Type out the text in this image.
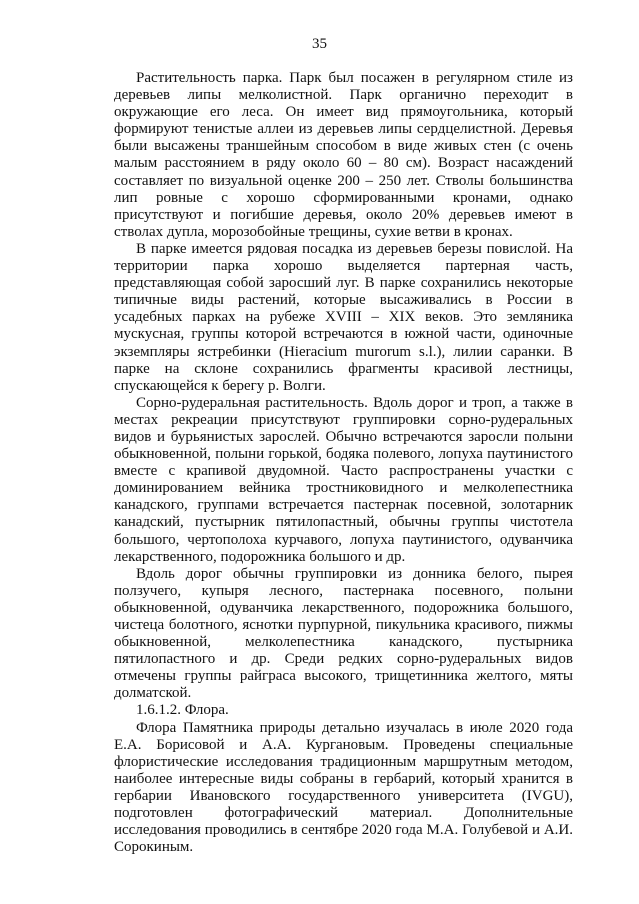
35

Растительность парка. Парк был посажен в регулярном стиле из деревьев липы мелколистной. Парк органично переходит в окружающие его леса. Он имеет вид прямоугольника, который формируют тенистые аллеи из деревьев липы сердцелистной. Деревья были высажены траншейным способом в виде живых стен (с очень малым расстоянием в ряду около 60 – 80 см). Возраст насаждений составляет по визуальной оценке 200 – 250 лет. Стволы большинства лип ровные с хорошо сформированными кронами, однако присутствуют и погибшие деревья, около 20% деревьев имеют в стволах дупла, морозобойные трещины, сухие ветви в кронах.

В парке имеется рядовая посадка из деревьев березы повислой. На территории парка хорошо выделяется партерная часть, представляющая собой заросший луг. В парке сохранились некоторые типичные виды растений, которые высаживались в России в усадебных парках на рубеже XVIII – XIX веков. Это земляника мускусная, группы которой встречаются в южной части, одиночные экземпляры ястребинки (Hieracium murorum s.l.), лилии саранки. В парке на склоне сохранились фрагменты красивой лестницы, спускающейся к берегу р. Волги.

Сорно-рудеральная растительность. Вдоль дорог и троп, а также в местах рекреации присутствуют группировки сорно-рудеральных видов и бурьянистых зарослей. Обычно встречаются заросли полыни обыкновенной, полыни горькой, бодяка полевого, лопуха паутинистого вместе с крапивой двудомной. Часто распространены участки с доминированием вейника тростниковидного и мелколепестника канадского, группами встречается пастернак посевной, золотарник канадский, пустырник пятилопастный, обычны группы чистотела большого, чертополоха курчавого, лопуха паутинистого, одуванчика лекарственного, подорожника большого и др.

Вдоль дорог обычны группировки из донника белого, пырея ползучего, купыря лесного, пастернака посевного, полыни обыкновенной, одуванчика лекарственного, подорожника большого, чистеца болотного, яснотки пурпурной, пикульника красивого, пижмы обыкновенной, мелколепестника канадского, пустырника пятилопастного и др. Среди редких сорно-рудеральных видов отмечены группы райграса высокого, трищетинника желтого, мяты долматской.

1.6.1.2. Флора.

Флора Памятника природы детально изучалась в июле 2020 года Е.А. Борисовой и А.А. Кургановым. Проведены специальные флористические исследования традиционным маршрутным методом, наиболее интересные виды собраны в гербарий, который хранится в гербарии Ивановского государственного университета (IVGU), подготовлен фотографический материал. Дополнительные исследования проводились в сентябре 2020 года М.А. Голубевой и А.И. Сорокиным.
